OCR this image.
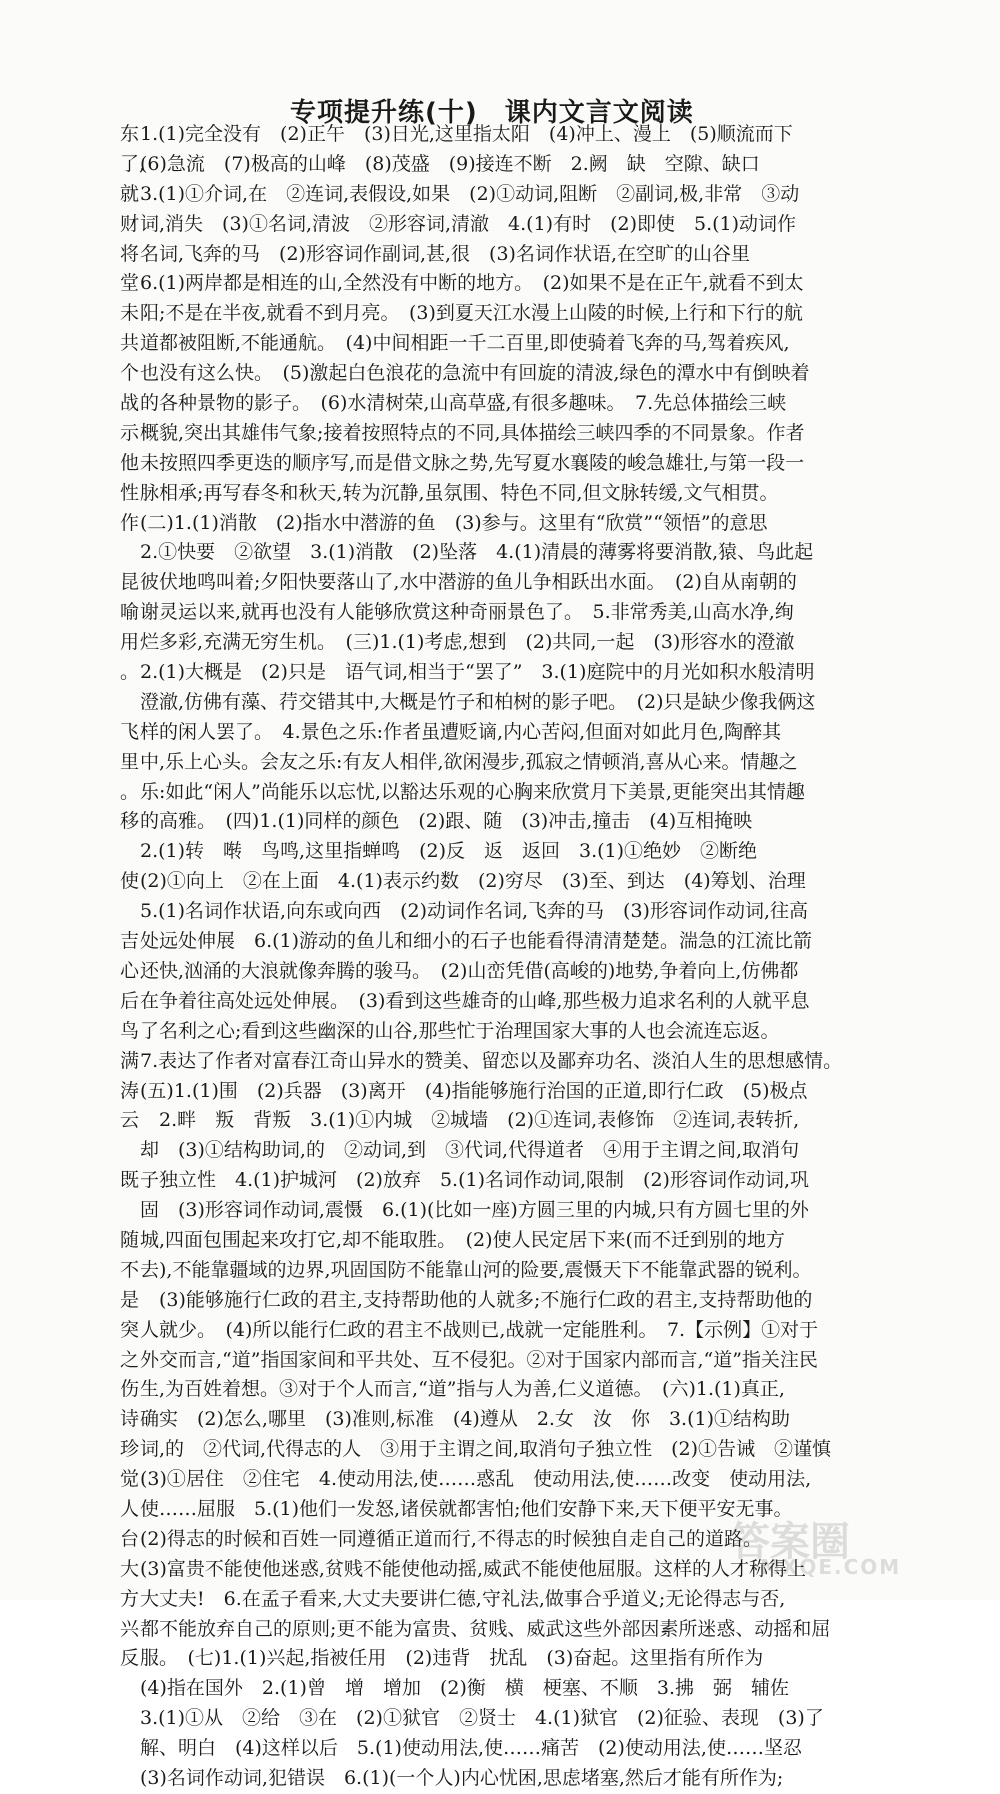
专项提升练(十)　课内文言文阅读
东
了,
就
财
将
堂
未
共
个
战
示
他
性
作
昆
喻
用
。
飞
里
。
移
使
吉
心
后
鸟
满
涛
云
既
随
不
是
突
之
伤
诗
珍
觉
人
台
大
方
兴
反
1.(1)完全没有　(2)正午　(3)日光,这里指太阳　(4)冲上、漫上　(5)顺流而下
(6)急流　(7)极高的山峰　(8)茂盛　(9)接连不断　2.阙　缺　空隙、缺口
3.(1)①介词,在　②连词,表假设,如果　(2)①动词,阻断　②副词,极,非常　③动
词,消失　(3)①名词,清波　②形容词,清澈　4.(1)有时　(2)即使　5.(1)动词作
名词,飞奔的马　(2)形容词作副词,甚,很　(3)名词作状语,在空旷的山谷里
6.(1)两岸都是相连的山,全然没有中断的地方。　(2)如果不是在正午,就看不到太
阳;不是在半夜,就看不到月亮。　(3)到夏天江水漫上山陵的时候,上行和下行的航
道都被阻断,不能通航。　(4)中间相距一千二百里,即使骑着飞奔的马,驾着疾风,
也没有这么快。　(5)激起白色浪花的急流中有回旋的清波,绿色的潭水中有倒映着
的各种景物的影子。　(6)水清树荣,山高草盛,有很多趣味。　7.先总体描绘三峡
概貌,突出其雄伟气象;接着按照特点的不同,具体描绘三峡四季的不同景象。作者
未按照四季更迭的顺序写,而是借文脉之势,先写夏水襄陵的峻急雄壮,与第一段一
脉相承;再写春冬和秋天,转为沉静,虽氛围、特色不同,但文脉转缓,文气相贯。
(二)1.(1)消散　(2)指水中潜游的鱼　(3)参与。这里有“欣赏”“领悟”的意思
2.①快要　②欲望　3.(1)消散　(2)坠落　4.(1)清晨的薄雾将要消散,猿、鸟此起
彼伏地鸣叫着;夕阳快要落山了,水中潜游的鱼儿争相跃出水面。　(2)自从南朝的
谢灵运以来,就再也没有人能够欣赏这种奇丽景色了。　5.非常秀美,山高水净,绚
烂多彩,充满无穷生机。　(三)1.(1)考虑,想到　(2)共同,一起　(3)形容水的澄澈
2.(1)大概是　(2)只是　语气词,相当于“罢了”　3.(1)庭院中的月光如积水般清明
澄澈,仿佛有藻、荇交错其中,大概是竹子和柏树的影子吧。　(2)只是缺少像我俩这
样的闲人罢了。　4.景色之乐:作者虽遭贬谪,内心苦闷,但面对如此月色,陶醉其
中,乐上心头。会友之乐:有友人相伴,欲闲漫步,孤寂之情顿消,喜从心来。情趣之
乐:如此“闲人”尚能乐以忘忧,以豁达乐观的心胸来欣赏月下美景,更能突出其情趣
的高雅。　(四)1.(1)同样的颜色　(2)跟、随　(3)冲击,撞击　(4)互相掩映
2.(1)转　啭　鸟鸣,这里指蝉鸣　(2)反　返　返回　3.(1)①绝妙　②断绝
(2)①向上　②在上面　4.(1)表示约数　(2)穷尽　(3)至、到达　(4)筹划、治理
5.(1)名词作状语,向东或向西　(2)动词作名词,飞奔的马　(3)形容词作动词,往高
处远处伸展　6.(1)游动的鱼儿和细小的石子也能看得清清楚楚。湍急的江流比箭
还快,汹涌的大浪就像奔腾的骏马。　(2)山峦凭借(高峻的)地势,争着向上,仿佛都
在争着往高处远处伸展。　(3)看到这些雄奇的山峰,那些极力追求名利的人就平息
了名利之心;看到这些幽深的山谷,那些忙于治理国家大事的人也会流连忘返。
7.表达了作者对富春江奇山异水的赞美、留恋以及鄙弃功名、淡泊人生的思想感情。
(五)1.(1)围　(2)兵器　(3)离开　(4)指能够施行治国的正道,即行仁政　(5)极点
　2.畔　叛　背叛　3.(1)①内城　②城墙　(2)①连词,表修饰　②连词,表转折,
却　(3)①结构助词,的　②动词,到　③代词,代得道者　④用于主谓之间,取消句
子独立性　4.(1)护城河　(2)放弃　5.(1)名词作动词,限制　(2)形容词作动词,巩
固　(3)形容词作动词,震慑　6.(1)(比如一座)方圆三里的内城,只有方圆七里的外
城,四面包围起来攻打它,却不能取胜。　(2)使人民定居下来(而不迁到别的地方
去),不能靠疆域的边界,巩固国防不能靠山河的险要,震慑天下不能靠武器的锐利。
　(3)能够施行仁政的君主,支持帮助他的人就多;不施行仁政的君主,支持帮助他的
人就少。　(4)所以能行仁政的君主不战则已,战就一定能胜利。　7.【示例】①对于
外交而言,“道”指国家间和平共处、互不侵犯。②对于国家内部而言,“道”指关注民
生,为百姓着想。③对于个人而言,“道”指与人为善,仁义道德。　(六)1.(1)真正,
确实　(2)怎么,哪里　(3)准则,标准　(4)遵从　2.女　汝　你　3.(1)①结构助
词,的　②代词,代得志的人　③用于主谓之间,取消句子独立性　(2)①告诫　②谨慎
(3)①居住　②住宅　4.使动用法,使……惑乱　使动用法,使……改变　使动用法,
使……屈服　5.(1)他们一发怒,诸侯就都害怕;他们安静下来,天下便平安无事。
(2)得志的时候和百姓一同遵循正道而行,不得志的时候独自走自己的道路。
(3)富贵不能使他迷惑,贫贱不能使他动摇,威武不能使他屈服。这样的人才称得上
大丈夫!　6.在孟子看来,大丈夫要讲仁德,守礼法,做事合乎道义;无论得志与否,
都不能放弃自己的原则;更不能为富贵、贫贱、威武这些外部因素所迷惑、动摇和屈
服。　(七)1.(1)兴起,指被任用　(2)违背　扰乱　(3)奋起。这里指有所作为
(4)指在国外　2.(1)曾　增　增加　(2)衡　横　梗塞、不顺　3.拂　弼　辅佐
3.(1)①从　②给　③在　(2)①狱官　②贤士　4.(1)狱官　(2)征验、表现　(3)了
解、明白　(4)这样以后　5.(1)使动用法,使……痛苦　(2)使动用法,使……坚忍
(3)名词作动词,犯错误　6.(1)(一个人)内心忧困,思虑堵塞,然后才能有所作为;
答案圈
MXQE.COM
